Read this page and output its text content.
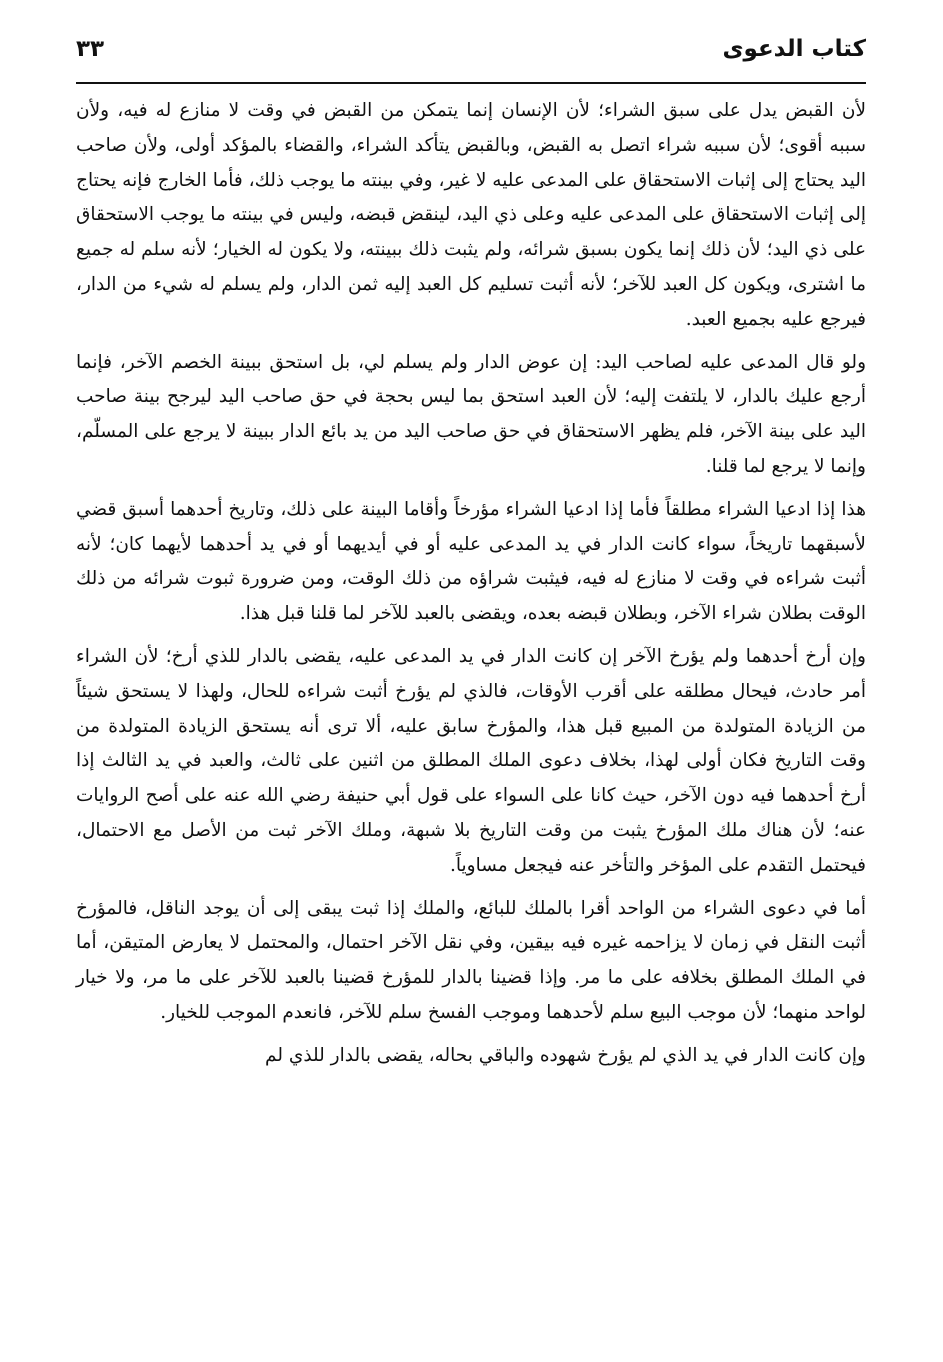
كتاب الدعوى
٣٣

لأن القبض يدل على سبق الشراء؛ لأن الإنسان إنما يتمكن من القبض في وقت لا منازع له فيه، ولأن سببه أقوى؛ لأن سببه شراء اتصل به القبض، وبالقبض يتأكد الشراء، والقضاء بالمؤكد أولى، ولأن صاحب اليد يحتاج إلى إثبات الاستحقاق على المدعى عليه لا غير، وفي بينته ما يوجب ذلك، فأما الخارج فإنه يحتاج إلى إثبات الاستحقاق على المدعى عليه وعلى ذي اليد، لينقض قبضه، وليس في بينته ما يوجب الاستحقاق على ذي اليد؛ لأن ذلك إنما يكون بسبق شرائه، ولم يثبت ذلك ببينته، ولا يكون له الخيار؛ لأنه سلم له جميع ما اشترى، ويكون كل العبد للآخر؛ لأنه أثبت تسليم كل العبد إليه ثمن الدار، ولم يسلم له شيء من الدار، فيرجع عليه بجميع العبد.

ولو قال المدعى عليه لصاحب اليد: إن عوض الدار ولم يسلم لي، بل استحق ببينة الخصم الآخر، فإنما أرجع عليك بالدار، لا يلتفت إليه؛ لأن العبد استحق بما ليس بحجة في حق صاحب اليد ليرجح بينة صاحب اليد على بينة الآخر، فلم يظهر الاستحقاق في حق صاحب اليد من يد بائع الدار ببينة لا يرجع على المسلّم، وإنما لا يرجع لما قلنا.

هذا إذا ادعيا الشراء مطلقاً فأما إذا ادعيا الشراء مؤرخاً وأقاما البينة على ذلك، وتاريخ أحدهما أسبق قضي لأسبقهما تاريخاً، سواء كانت الدار في يد المدعى عليه أو في أيديهما أو في يد أحدهما لأيهما كان؛ لأنه أثبت شراءه في وقت لا منازع له فيه، فيثبت شراؤه من ذلك الوقت، ومن ضرورة ثبوت شرائه من ذلك الوقت بطلان شراء الآخر، وبطلان قبضه بعده، ويقضى بالعبد للآخر لما قلنا قبل هذا.

وإن أرخ أحدهما ولم يؤرخ الآخر إن كانت الدار في يد المدعى عليه، يقضى بالدار للذي أرخ؛ لأن الشراء أمر حادث، فيحال مطلقه على أقرب الأوقات، فالذي لم يؤرخ أثبت شراءه للحال، ولهذا لا يستحق شيئاً من الزيادة المتولدة من المبيع قبل هذا، والمؤرخ سابق عليه، ألا ترى أنه يستحق الزيادة المتولدة من وقت التاريخ فكان أولى لهذا، بخلاف دعوى الملك المطلق من اثنين على ثالث، والعبد في يد الثالث إذا أرخ أحدهما فيه دون الآخر، حيث كانا على السواء على قول أبي حنيفة رضي الله عنه على أصح الروايات عنه؛ لأن هناك ملك المؤرخ يثبت من وقت التاريخ بلا شبهة، وملك الآخر ثبت من الأصل مع الاحتمال، فيحتمل التقدم على المؤخر والتأخر عنه فيجعل مساوياً.

أما في دعوى الشراء من الواحد أقرا بالملك للبائع، والملك إذا ثبت يبقى إلى أن يوجد الناقل، فالمؤرخ أثبت النقل في زمان لا يزاحمه غيره فيه بيقين، وفي نقل الآخر احتمال، والمحتمل لا يعارض المتيقن، أما في الملك المطلق بخلافه على ما مر. وإذا قضينا بالدار للمؤرخ قضينا بالعبد للآخر على ما مر، ولا خيار لواحد منهما؛ لأن موجب البيع سلم لأحدهما وموجب الفسخ سلم للآخر، فانعدم الموجب للخيار.

وإن كانت الدار في يد الذي لم يؤرخ شهوده والباقي بحاله، يقضى بالدار للذي لم
